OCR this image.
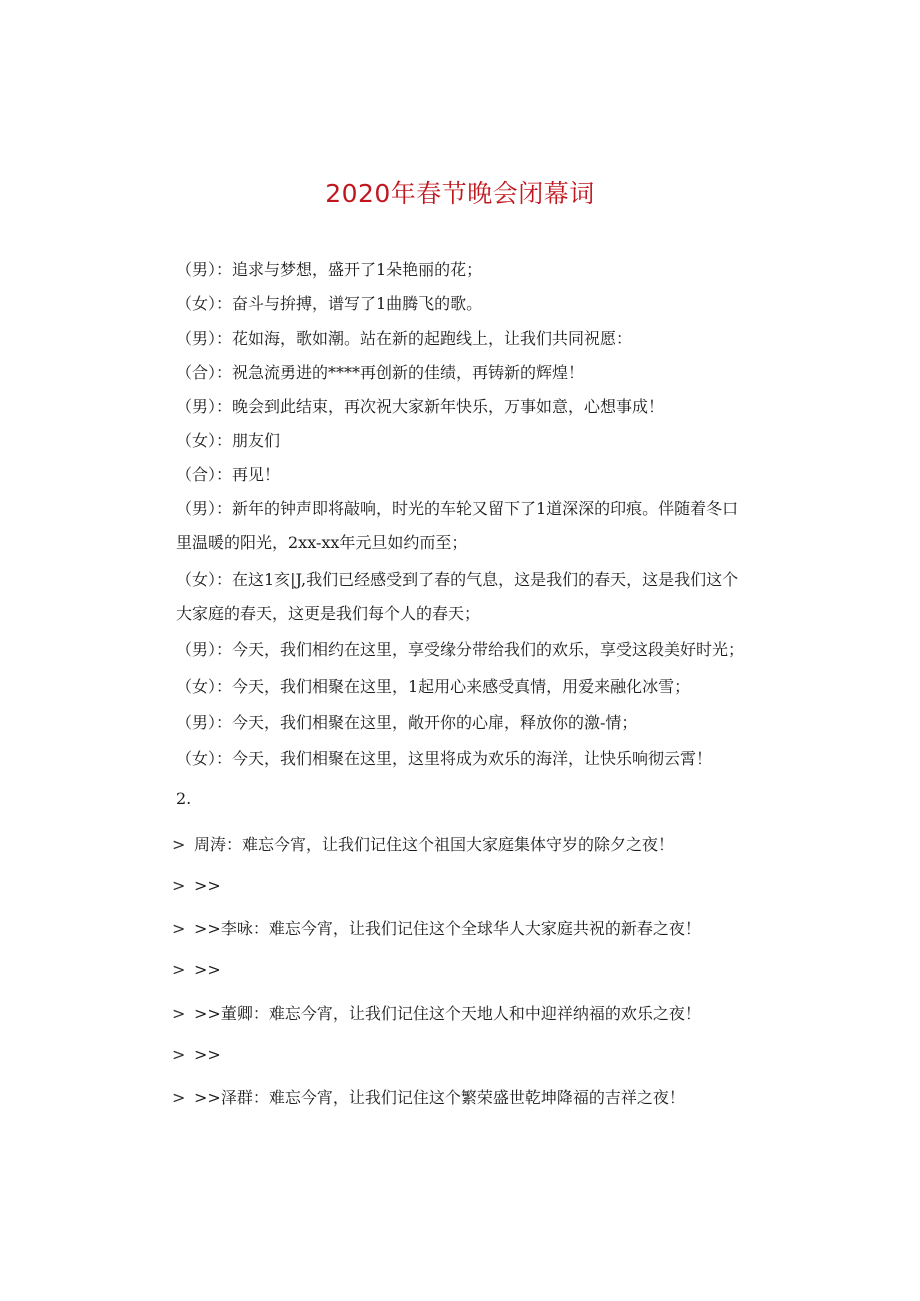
2020年春节晚会闭幕词
（男）：追求与梦想，盛开了1朵艳丽的花；
（女）：奋斗与拚搏，谱写了1曲腾飞的歌。
（男）：花如海，歌如潮。站在新的起跑线上，让我们共同祝愿：
（合）：祝急流勇进的****再创新的佳绩，再铸新的辉煌！
（男）：晚会到此结束，再次祝大家新年快乐，万事如意，心想事成！
（女）：朋友们
（合）：再见！
（男）：新年的钟声即将敲响，时光的车轮又留下了1道深深的印痕。伴随着冬口
里温暖的阳光，2xx-xx年元旦如约而至；
（女）：在这1亥|J,我们已经感受到了春的气息，这是我们的春天，这是我们这个
大家庭的春天，这更是我们每个人的春天；
（男）：今天，我们相约在这里，享受缘分带给我们的欢乐，享受这段美好时光；
（女）：今天，我们相聚在这里，1起用心来感受真情，用爱来融化冰雪；
（男）：今天，我们相聚在这里，敞开你的心扉，释放你的激-情；
（女）：今天，我们相聚在这里，这里将成为欢乐的海洋，让快乐响彻云霄！
2.
> 周涛：难忘今宵，让我们记住这个祖国大家庭集体守岁的除夕之夜！
> >>
> >>李咏：难忘今宵，让我们记住这个全球华人大家庭共祝的新春之夜！
> >>
> >>董卿：难忘今宵，让我们记住这个天地人和中迎祥纳福的欢乐之夜！
> >>
> >>泽群：难忘今宵，让我们记住这个繁荣盛世乾坤降福的吉祥之夜！
